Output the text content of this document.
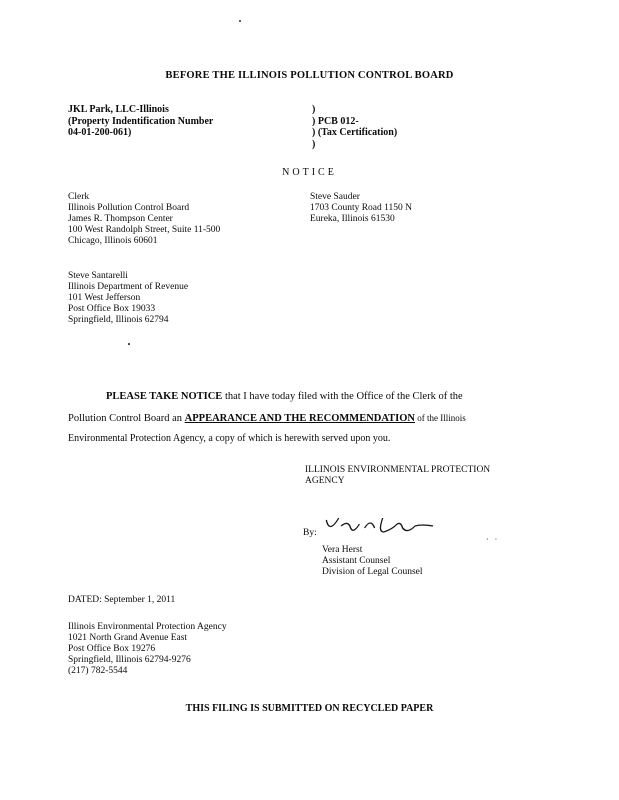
BEFORE THE ILLINOIS POLLUTION CONTROL BOARD
JKL Park, LLC-Illinois
(Property Indentification Number
04-01-200-061)
)
) PCB 012-
) (Tax Certification)
)
NOTICE
Clerk
Illinois Pollution Control Board
James R. Thompson Center
100 West Randolph Street, Suite 11-500
Chicago, Illinois 60601
Steve Sauder
1703 County Road 1150 N
Eureka, Illinois 61530
Steve Santarelli
Illinois Department of Revenue
101 West Jefferson
Post Office Box 19033
Springfield, Illinois 62794
PLEASE TAKE NOTICE that I have today filed with the Office of the Clerk of the
Pollution Control Board an APPEARANCE AND THE RECOMMENDATION of the Illinois
Environmental Protection Agency, a copy of which is herewith served upon you.
ILLINOIS ENVIRONMENTAL PROTECTION
AGENCY
By:
· ·
Vera Herst
Assistant Counsel
Division of Legal Counsel
DATED: September 1, 2011
Illinois Environmental Protection Agency
1021 North Grand Avenue East
Post Office Box 19276
Springfield, Illinois 62794-9276
(217) 782-5544
THIS FILING IS SUBMITTED ON RECYCLED PAPER
